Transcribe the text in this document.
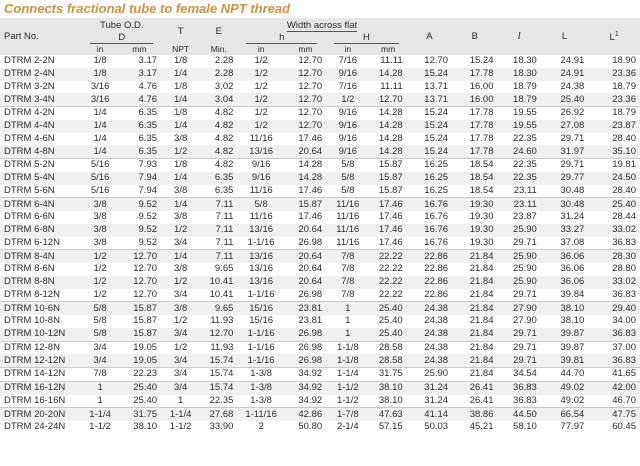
Connects fractional tube to female NPT thread
Part No.	Tube O.D.		T	E	Width across flat				A	B	l	L	$L^1$
	D				h		H						
	in	mm	NPT	Min.	in	mm	in	mm					
DTRM 2-2N	1/8	3.17	1/8	2.28	1/2	12.70	7/16	11.11	12.70	15.24	18.30	24.91	18.90
DTRM 2-4N	1/8	3.17	1/4	2.28	1/2	12.70	9/16	14.28	15.24	17.78	18.30	24.91	23.36
DTRM 3-2N	3/16	4.76	1/8	3.02	1/2	12.70	7/16	11.11	13.71	16.00	18.79	24.38	18.79
DTRM 3-4N	3/16	4.76	1/4	3.04	1/2	12.70	1/2	12.70	13.71	16.00	18.79	25.40	23.36
DTRM 4-2N	1/4	6.35	1/8	4.82	1/2	12.70	9/16	14.28	15.24	17.78	19.55	26.92	18.79
DTRM 4-4N	1/4	6.35	1/4	4.82	1/2	12.70	9/16	14.28	15.24	17.78	19.55	27.08	23.87
DTRM 4-6N	1/4	6.35	3/8	4.82	11/16	17.46	9/16	14.28	15.24	17.78	22.35	29.71	28.40
DTRM 4-8N	1/4	6.35	1/2	4.82	13/16	20.64	9/16	14.28	15.24	17.78	24.60	31.97	35.10
DTRM 5-2N	5/16	7.93	1/8	4.82	9/16	14.28	5/8	15.87	16.25	18.54	22.35	29.71	19.81
DTRM 5-4N	5/16	7.94	1/4	6.35	9/16	14.28	5/8	15.87	16.25	18.54	22.35	29.77	24.50
DTRM 5-6N	5/16	7.94	3/8	6.35	11/16	17.46	5/8	15.87	16.25	18.54	23.11	30.48	28.40
DTRM 6-4N	3/8	9.52	1/4	7.11	5/8	15.87	11/16	17.46	16.76	19.30	23.11	30.48	25.40
DTRM 6-6N	3/8	9.52	3/8	7.11	11/16	17.46	11/16	17.46	16.76	19.30	23.87	31.24	28.44
DTRM 6-8N	3/8	9.52	1/2	7.11	13/16	20.64	11/16	17.46	16.76	19.30	25.90	33.27	33.02
DTRM 6-12N	3/8	9.52	3/4	7.11	1-1/16	26.98	11/16	17.46	16.76	19.30	29.71	37.08	36.83
DTRM 8-4N	1/2	12.70	1/4	7.11	13/16	20.64	7/8	22.22	22.86	21.84	25.90	36.06	28.30
DTRM 8-6N	1/2	12.70	3/8	9.65	13/16	20.64	7/8	22.22	22.86	21.84	25.90	36.06	28.80
DTRM 8-8N	1/2	12.70	1/2	10.41	13/16	20.64	7/8	22.22	22.86	21.84	25.90	36.06	33.02
DTRM 8-12N	1/2	12.70	3/4	10.41	1-1/16	26.98	7/8	22.22	22.86	21.84	29.71	39.84	36.83
DTRM 10-6N	5/8	15.87	3/8	9.65	15/16	23.81	1	25.40	24.38	21.84	27.90	38.10	29.40
DTRM 10-8N	5/8	15.87	1/2	11.93	15/16	23.81	1	25.40	24.38	21.84	27.90	38.10	34.00
DTRM 10-12N	5/8	15.87	3/4	12.70	1-1/16	26.98	1	25.40	24.38	21.84	29.71	39.87	36.83
DTRM 12-8N	3/4	19.05	1/2	11.93	1-1/16	26.98	1-1/8	28.58	24.38	21.84	29.71	39.87	37.00
DTRM 12-12N	3/4	19.05	3/4	15.74	1-1/16	26.98	1-1/8	28.58	24.38	21.84	29.71	39.81	36.83
DTRM 14-12N	7/8	22.23	3/4	15.74	1-3/8	34.92	1-1/4	31.75	25.90	21.84	34.54	44.70	41.65
DTRM 16-12N	1	25.40	3/4	15.74	1-3/8	34.92	1-1/2	38.10	31.24	26.41	36.83	49.02	42.00
DTRM 16-16N	1	25.40	1	22.35	1-3/8	34.92	1-1/2	38.10	31.24	26.41	36.83	49.02	46.70
DTRM 20-20N	1-1/4	31.75	1-1/4	27.68	1-11/16	42.86	1-7/8	47.63	41.14	38.86	44.50	66.54	47.75
DTRM 24-24N	1-1/2	38.10	1-1/2	33.90	2	50.80	2-1/4	57.15	50.03	45.21	58.10	77.97	60.45
